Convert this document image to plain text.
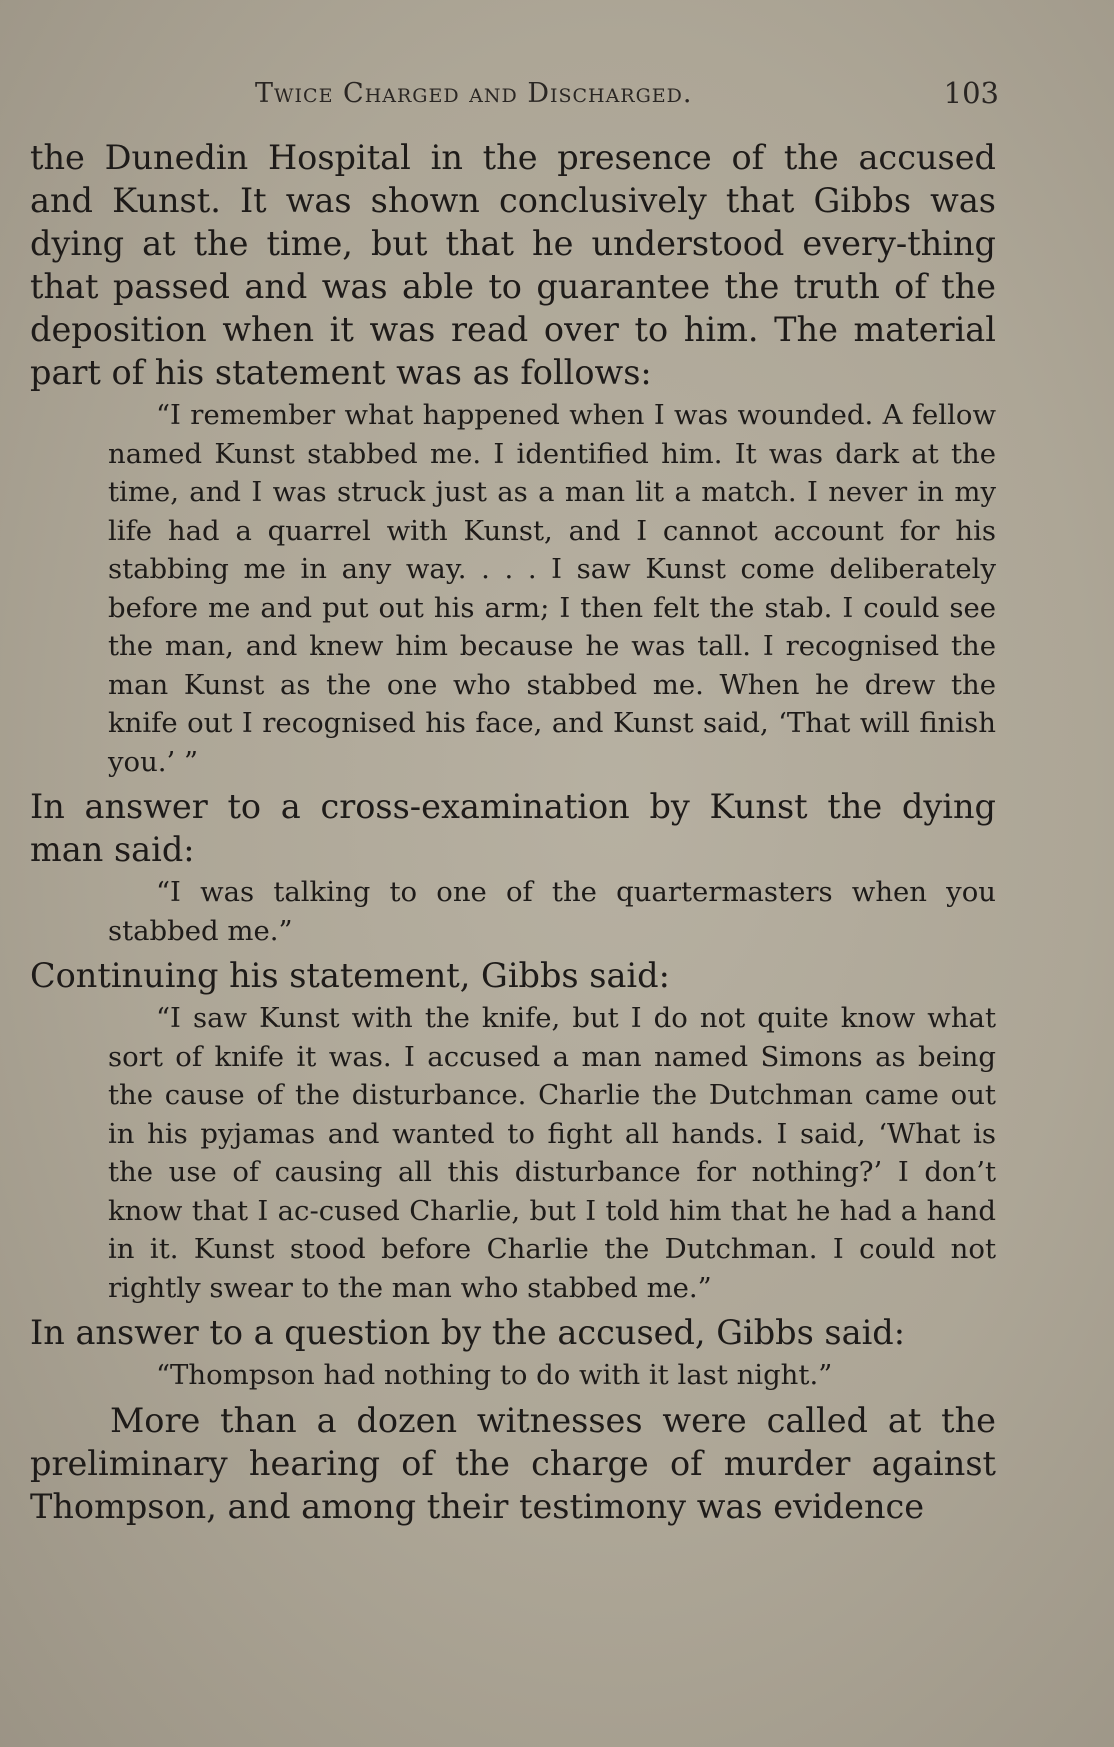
Twice Charged and Discharged.	103

the Dunedin Hospital in the presence of the accused and Kunst. It was shown conclusively that Gibbs was dying at the time, but that he understood every-thing that passed and was able to guarantee the truth of the deposition when it was read over to him. The material part of his statement was as follows:

“I remember what happened when I was wounded. A fellow named Kunst stabbed me. I identified him. It was dark at the time, and I was struck just as a man lit a match. I never in my life had a quarrel with Kunst, and I cannot account for his stabbing me in any way. . . . I saw Kunst come deliberately before me and put out his arm; I then felt the stab. I could see the man, and knew him because he was tall. I recognised the man Kunst as the one who stabbed me. When he drew the knife out I recognised his face, and Kunst said, ‘That will finish you.’ ”

In answer to a cross-examination by Kunst the dying man said:

“I was talking to one of the quartermasters when you stabbed me.”

Continuing his statement, Gibbs said:

“I saw Kunst with the knife, but I do not quite know what sort of knife it was. I accused a man named Simons as being the cause of the disturbance. Charlie the Dutchman came out in his pyjamas and wanted to fight all hands. I said, ‘What is the use of causing all this disturbance for nothing?’ I don’t know that I ac-cused Charlie, but I told him that he had a hand in it. Kunst stood before Charlie the Dutchman. I could not rightly swear to the man who stabbed me.”

In answer to a question by the accused, Gibbs said:

“Thompson had nothing to do with it last night.”

More than a dozen witnesses were called at the preliminary hearing of the charge of murder against Thompson, and among their testimony was evidence
